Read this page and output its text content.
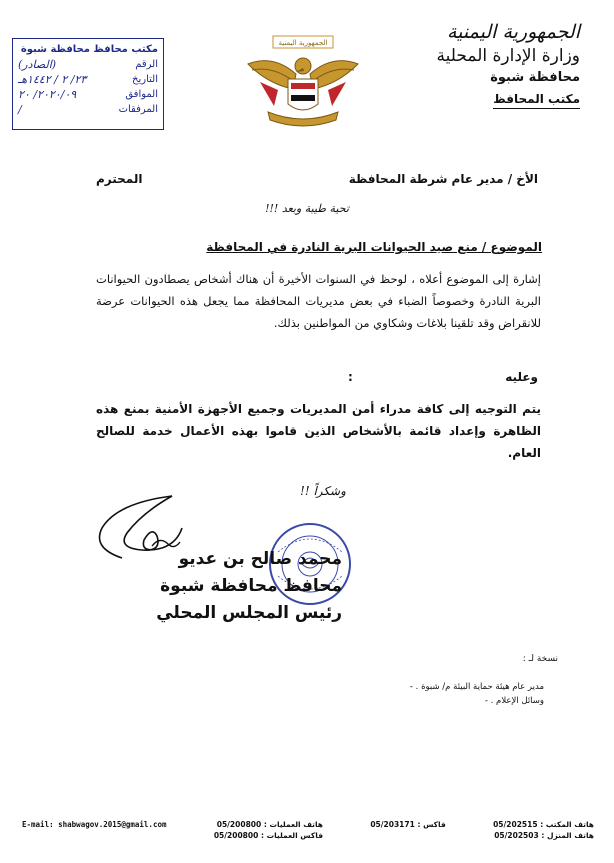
الجمهورية اليمنية
وزارة الإدارة المحلية
محافظة شبوة
مكتب المحافظ
الجمهورية اليمنية
مكتب محافظ محافظة شبوة
الرقم
(الصادر)
التاريخ
٢٣/ ٢ / ١٤٤٢هـ
الموافق
٢٠٢٠/٠٩/ ٢٠
المرفقات
/
الأخ / مدير عام شرطة المحافظة
المحترم
تحية طيبة وبعد !!!
الموضوع / منع صيد الحيوانات البرية النادرة في المحافظة
إشارة إلى الموضوع أعلاه ، لوحظ في السنوات الأخيرة أن هناك أشخاص يصطادون الحيوانات البرية النادرة وخصوصاً الضباء في بعض مديريات المحافظة مما يجعل هذه الحيوانات عرضة للانقراض وقد تلقينا بلاغات وشكاوي من المواطنين بذلك.
وعليه
:
يتم التوجيه إلى كافة مدراء أمن المديريات وجميع الأجهزة الأمنية بمنع هذه الظاهرة وإعداد قائمة بالأشخاص الذين قاموا بهذه الأعمال خدمة للصالح العام.
وشكراً !!
محمد صالح بن عديو
محافظ محافظة شبوة
رئيس المجلس المحلي
نسخة لـ :
مدير عام هيئة حماية البيئة م/ شبوة . -
وسائل الإعلام . -
E-mail: shabwagov.2015@gmail.com	هاتف العمليات : 05/200800
فاكس العمليات : 05/200800
فاكس : 05/203171	هاتف المكتب : 05/202515
هاتف المنزل : 05/202503
